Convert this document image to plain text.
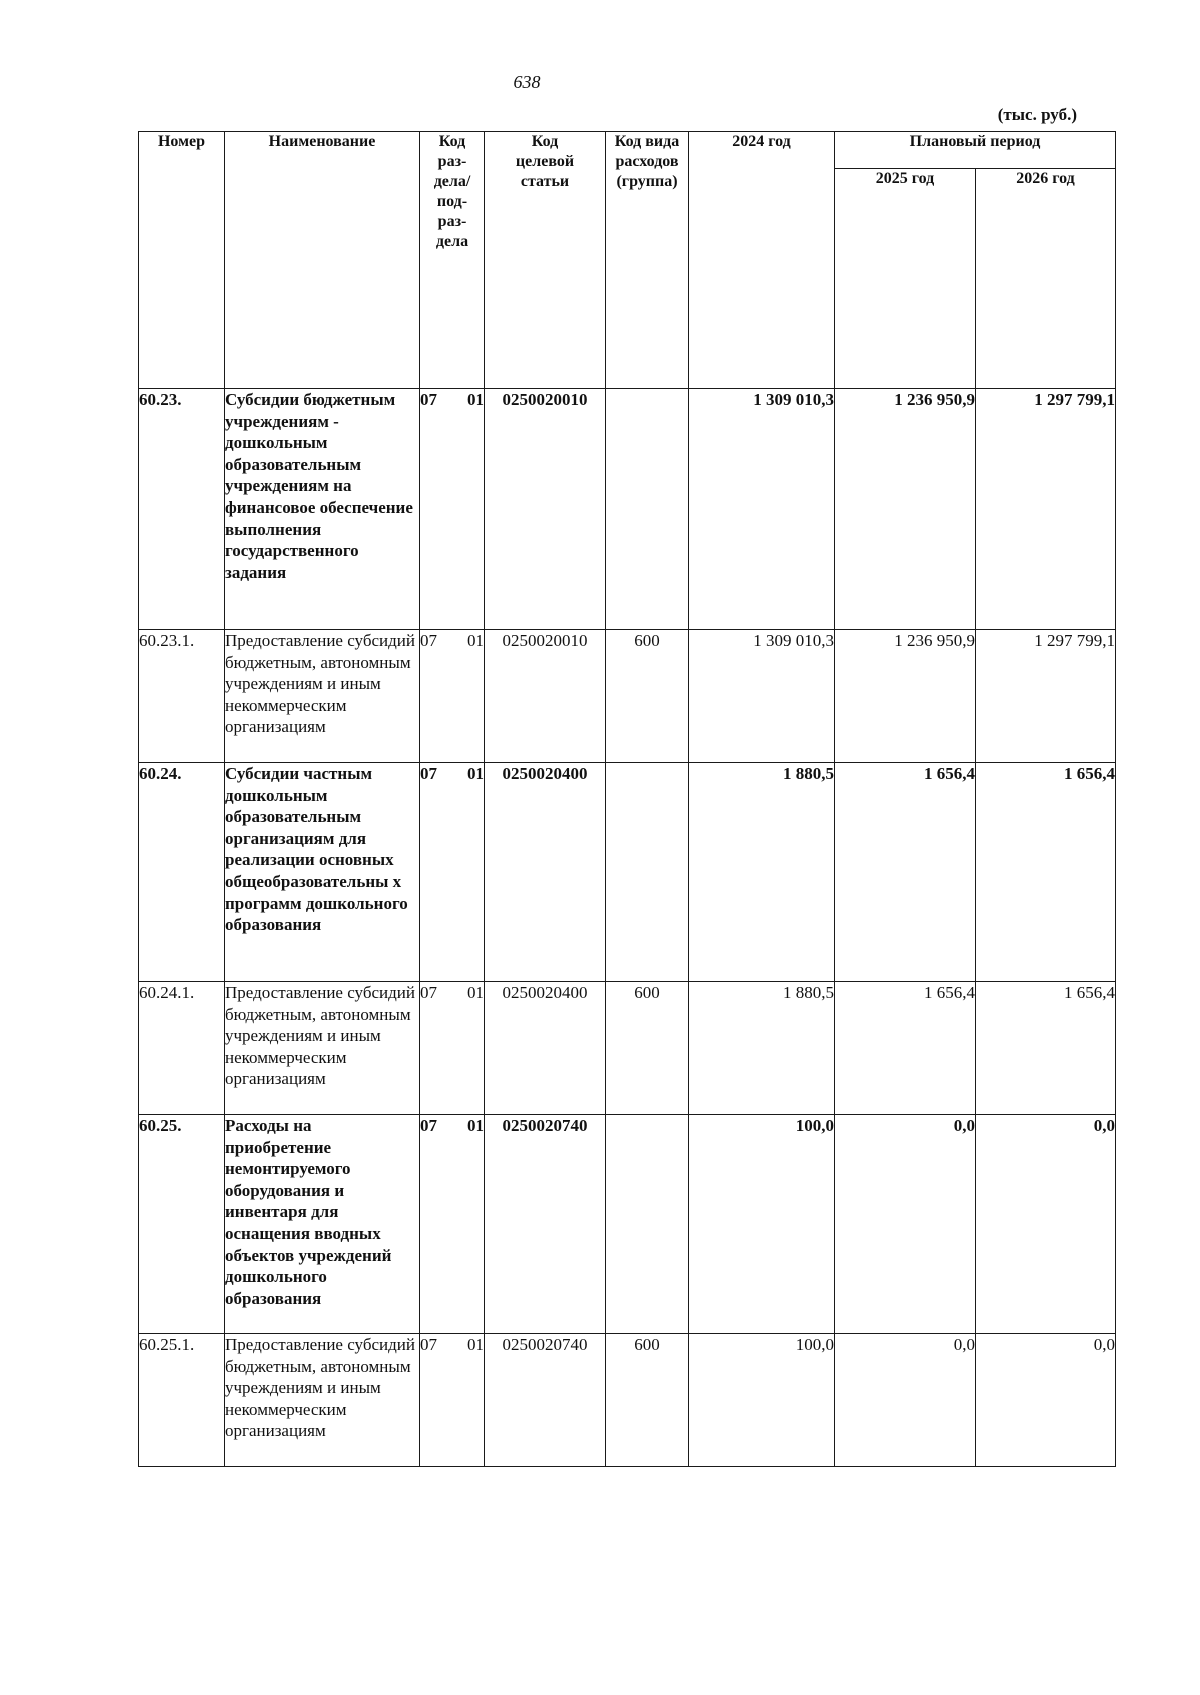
638
(тыс. руб.)
Номер	Наименование	Код раз- дела/ под- раз- дела	Код целевой статьи	Код вида расходов (группа)	2024 год	Плановый период	
						2025 год	2026 год
60.23.	Субсидии бюджетным учреждениям - дошкольным образовательным учреждениям на финансовое обеспечение выполнения государственного задания	07 01	0250020010		1 309 010,3	1 236 950,9	1 297 799,1
60.23.1.	Предоставление субсидий бюджетным, автономным учреждениям и иным некоммерческим организациям	07 01	0250020010	600	1 309 010,3	1 236 950,9	1 297 799,1
60.24.	Субсидии частным дошкольным образовательным организациям для реализации основных общеобразовательны х программ дошкольного образования	07 01	0250020400		1 880,5	1 656,4	1 656,4
60.24.1.	Предоставление субсидий бюджетным, автономным учреждениям и иным некоммерческим организациям	07 01	0250020400	600	1 880,5	1 656,4	1 656,4
60.25.	Расходы на приобретение немонтируемого оборудования и инвентаря для оснащения вводных объектов учреждений дошкольного образования	07 01	0250020740		100,0	0,0	0,0
60.25.1.	Предоставление субсидий бюджетным, автономным учреждениям и иным некоммерческим организациям	07 01	0250020740	600	100,0	0,0	0,0
